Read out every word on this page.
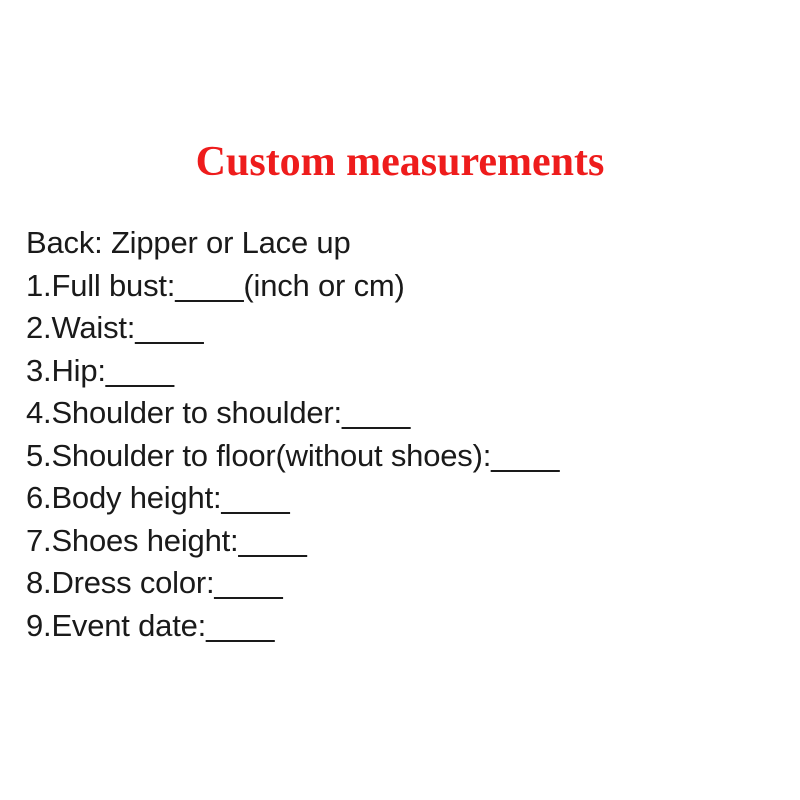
Custom measurements
Back: Zipper or Lace up
1.Full bust:____(inch or cm)
2.Waist:____
3.Hip:____
4.Shoulder to shoulder:____
5.Shoulder to floor(without shoes):____
6.Body height:____
7.Shoes height:____
8.Dress color:____
9.Event date:____
